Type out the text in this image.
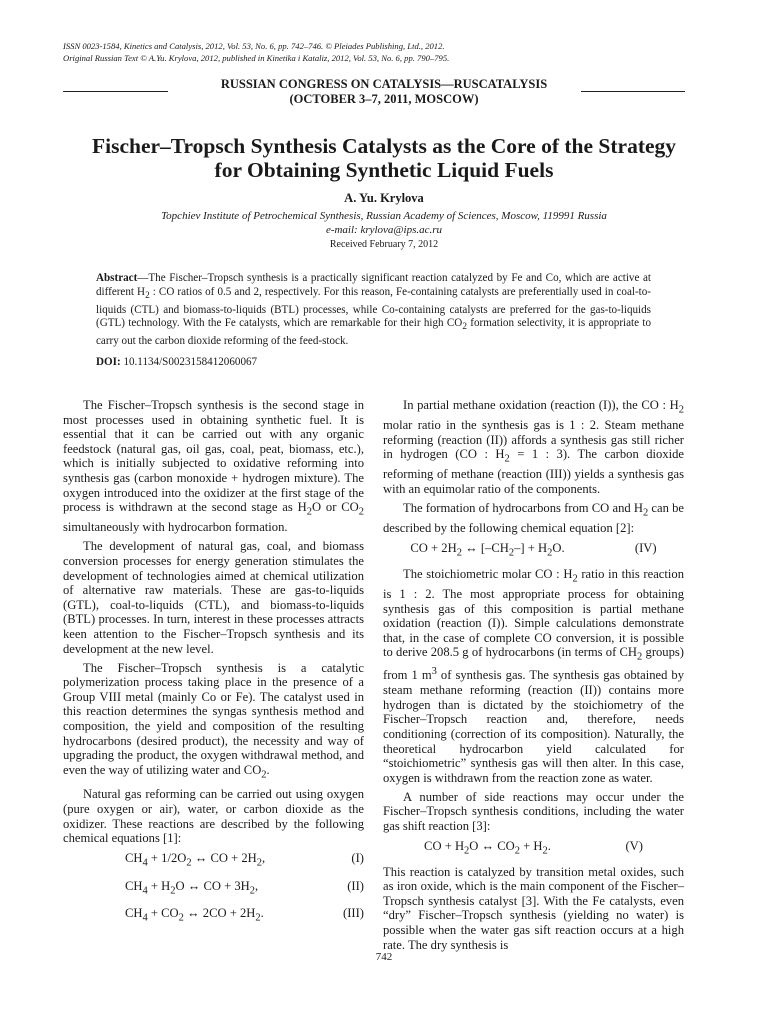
ISSN 0023-1584, Kinetics and Catalysis, 2012, Vol. 53, No. 6, pp. 742–746. © Pleiades Publishing, Ltd., 2012.
Original Russian Text © A.Yu. Krylova, 2012, published in Kinetika i Kataliz, 2012, Vol. 53, No. 6, pp. 790–795.
RUSSIAN CONGRESS ON CATALYSIS—RUSCATALYSIS
(OCTOBER 3–7, 2011, MOSCOW)
Fischer–Tropsch Synthesis Catalysts as the Core of the Strategy
for Obtaining Synthetic Liquid Fuels
A. Yu. Krylova
Topchiev Institute of Petrochemical Synthesis, Russian Academy of Sciences, Moscow, 119991 Russia
e-mail: krylova@ips.ac.ru
Received February 7, 2012
Abstract—The Fischer–Tropsch synthesis is a practically significant reaction catalyzed by Fe and Co, which are active at different $H_2$ : CO ratios of 0.5 and 2, respectively. For this reason, Fe-containing catalysts are preferentially used in coal-to-liquids (CTL) and biomass-to-liquids (BTL) processes, while Co-containing catalysts are preferred for the gas-to-liquids (GTL) technology. With the Fe catalysts, which are remarkable for their high $CO_2$ formation selectivity, it is appropriate to carry out the carbon dioxide reforming of the feed-stock.
DOI: 10.1134/S0023158412060067

The Fischer–Tropsch synthesis is the second stage in most processes used in obtaining synthetic fuel. It is essential that it can be carried out with any organic feedstock (natural gas, oil gas, coal, peat, biomass, etc.), which is initially subjected to oxidative reforming into synthesis gas (carbon monoxide + hydrogen mixture). The oxygen introduced into the oxidizer at the first stage of the process is withdrawn at the second stage as $H_2O$ or $CO_2$ simultaneously with hydrocarbon formation.

The development of natural gas, coal, and biomass conversion processes for energy generation stimulates the development of technologies aimed at chemical utilization of alternative raw materials. These are gas-to-liquids (GTL), coal-to-liquids (CTL), and biomass-to-liquids (BTL) processes. In turn, interest in these processes attracts keen attention to the Fischer–Tropsch synthesis and its development at the new level.

The Fischer–Tropsch synthesis is a catalytic polymerization process taking place in the presence of a Group VIII metal (mainly Co or Fe). The catalyst used in this reaction determines the syngas synthesis method and composition, the yield and composition of the resulting hydrocarbons (desired product), the necessity and way of upgrading the product, the oxygen withdrawal method, and even the way of utilizing water and $CO_2$.

Natural gas reforming can be carried out using oxygen (pure oxygen or air), water, or carbon dioxide as the oxidizer. These reactions are described by the following chemical equations [1]:

$CH_4 + 1/2O_2$ ↔ CO + $2H_2$,	(I)
$CH_4 + H_2O$ ↔ CO + $3H_2$,	(II)
$CH_4 + CO_2$ ↔ $2CO + 2H_2$.	(III)

In partial methane oxidation (reaction (I)), the CO : $H_2$ molar ratio in the synthesis gas is 1 : 2. Steam methane reforming (reaction (II)) affords a synthesis gas still richer in hydrogen (CO : $H_2 = 1$ : 3). The carbon dioxide reforming of methane (reaction (III)) yields a synthesis gas with an equimolar ratio of the components.

The formation of hydrocarbons from CO and $H_2$ can be described by the following chemical equation [2]:

CO + $2H_2$ ↔ $[-CH_2-] + H_2O$.	(IV)

The stoichiometric molar CO : $H_2$ ratio in this reaction is 1 : 2. The most appropriate process for obtaining synthesis gas of this composition is partial methane oxidation (reaction (I)). Simple calculations demonstrate that, in the case of complete CO conversion, it is possible to derive 208.5 g of hydrocarbons (in terms of $CH_2$ groups) from 1 $m^3$ of synthesis gas. The synthesis gas obtained by steam methane reforming (reaction (II)) contains more hydrogen than is dictated by the stoichiometry of the Fischer–Tropsch reaction and, therefore, needs conditioning (correction of its composition). Naturally, the theoretical hydrocarbon yield calculated for “stoichiometric” synthesis gas will then alter. In this case, oxygen is withdrawn from the reaction zone as water.

A number of side reactions may occur under the Fischer–Tropsch synthesis conditions, including the water gas shift reaction [3]:

CO + $H_2O$ ↔ $CO_2 + H_2$.	(V)

This reaction is catalyzed by transition metal oxides, such as iron oxide, which is the main component of the Fischer–Tropsch synthesis catalyst [3]. With the Fe catalysts, even “dry” Fischer–Tropsch synthesis (yielding no water) is possible when the water gas sift reaction occurs at a high rate. The dry synthesis is

742
